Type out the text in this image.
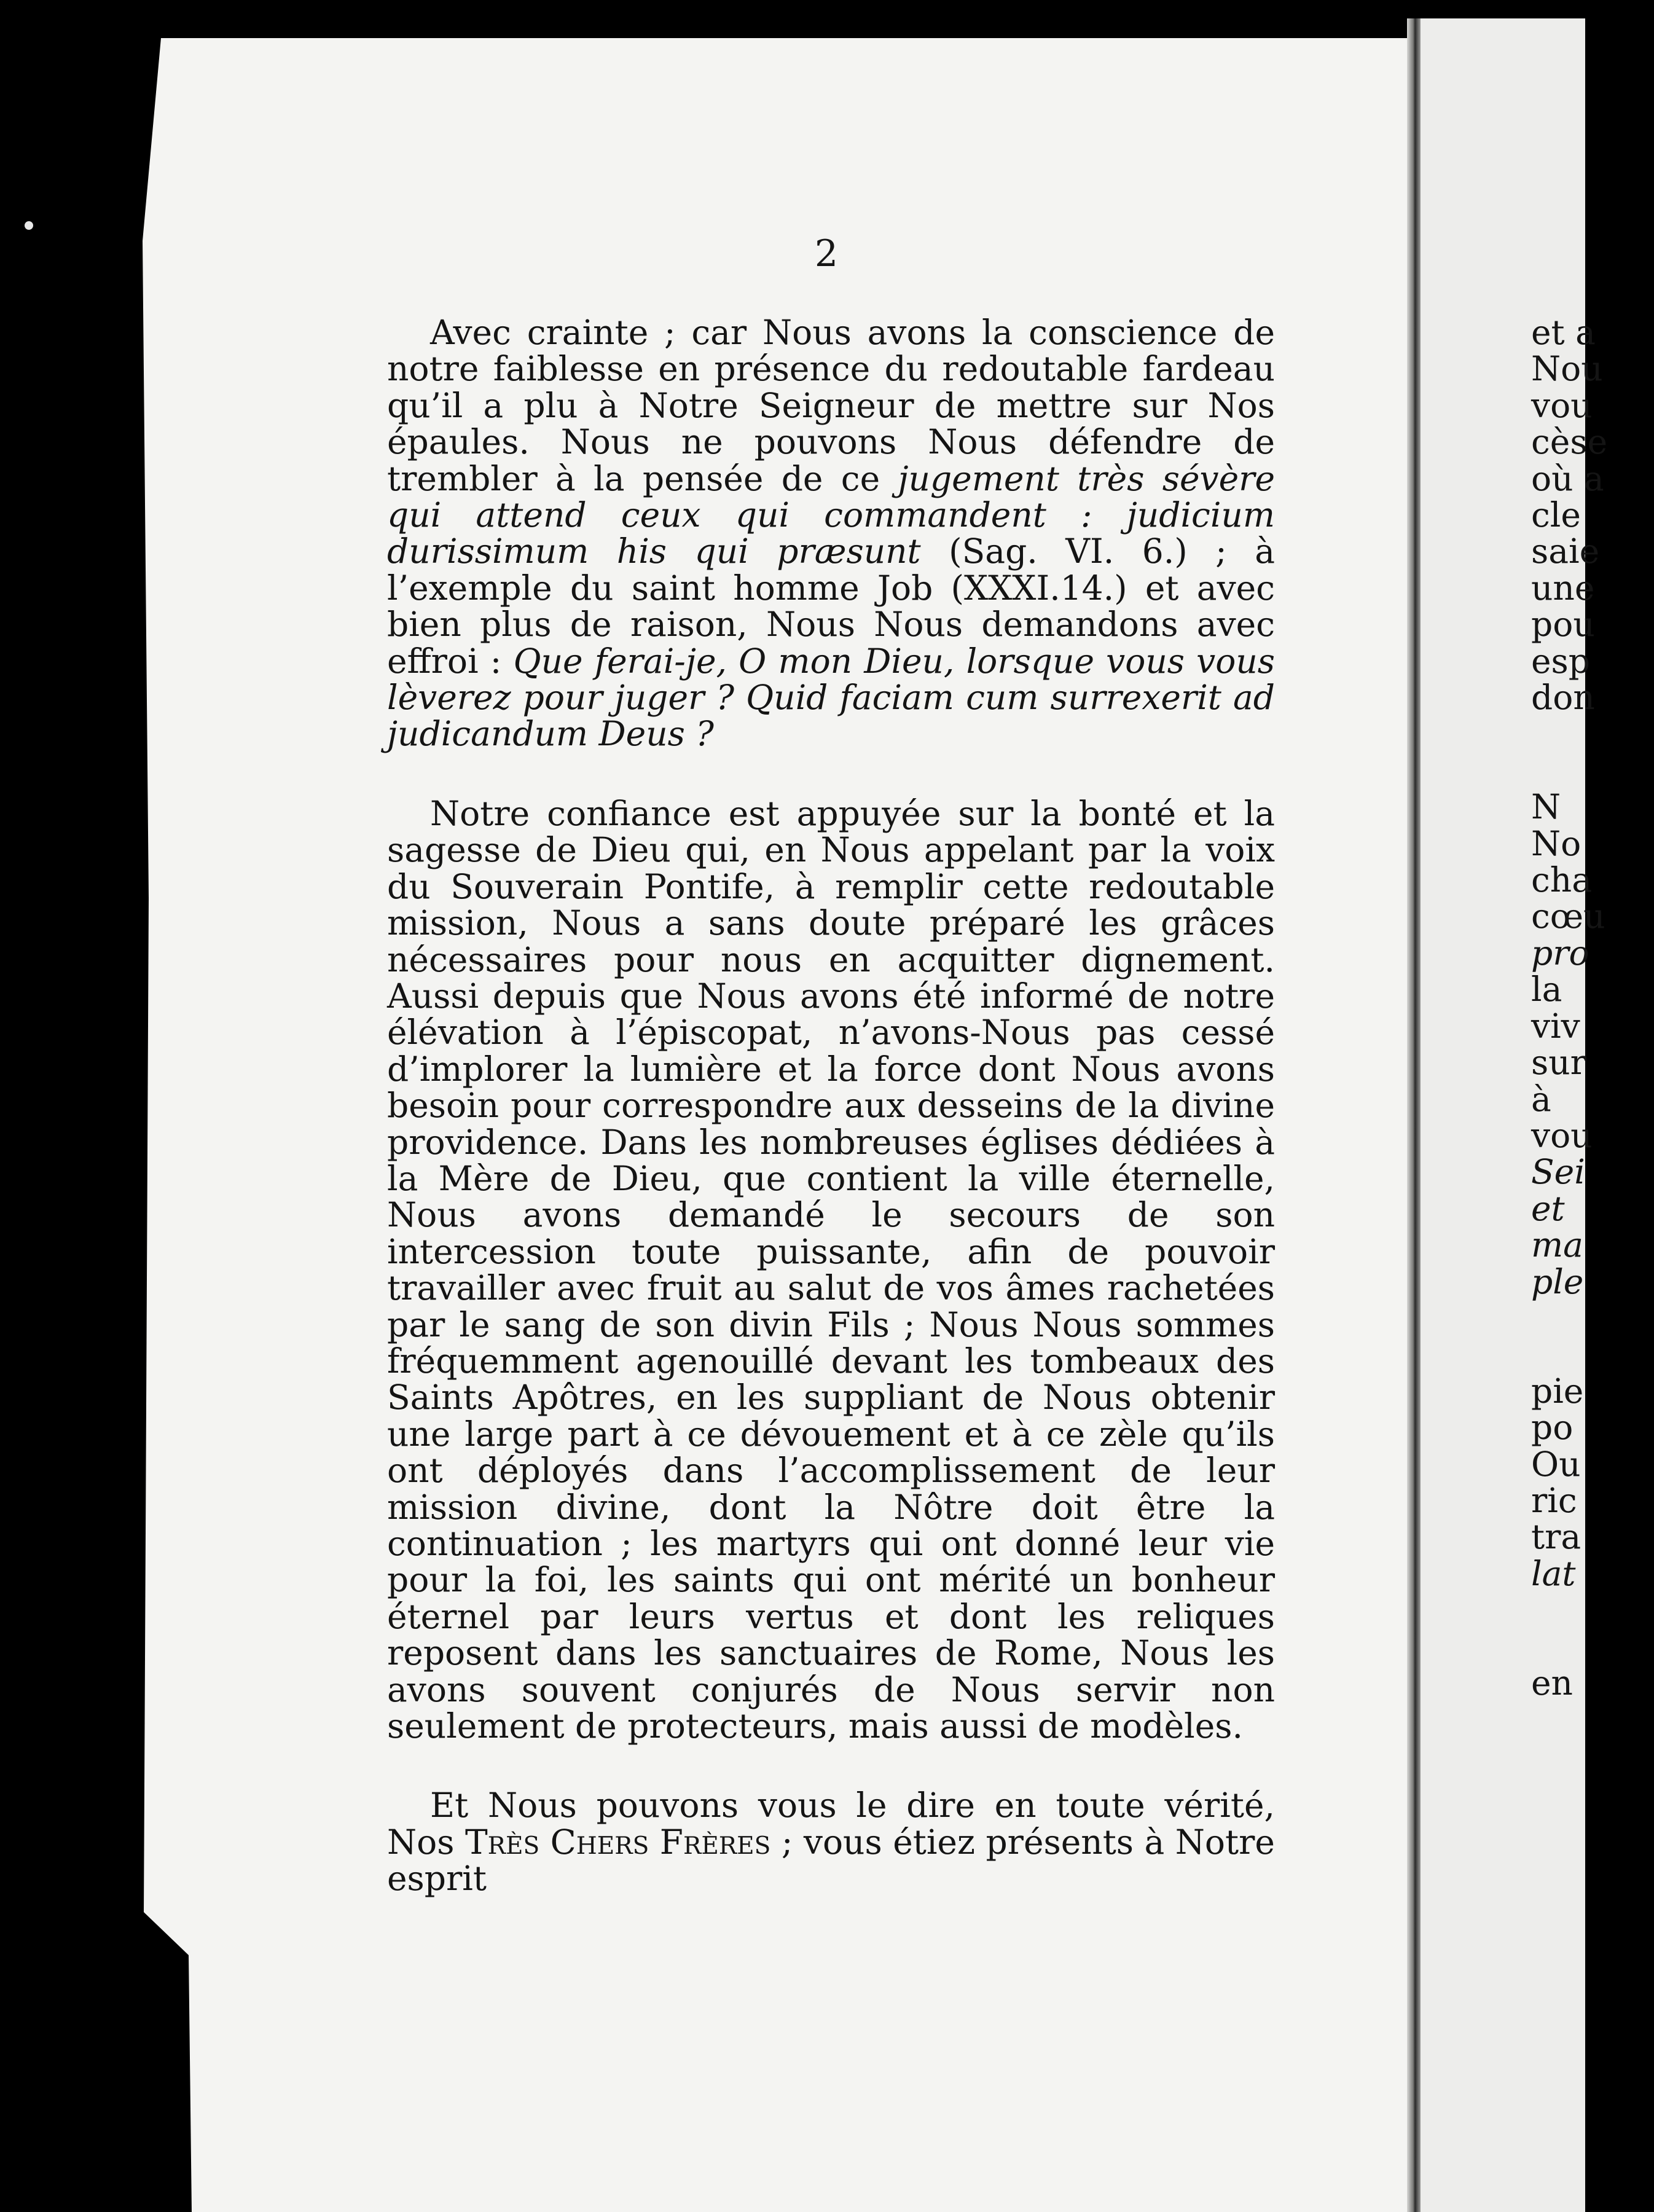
2

Avec crainte ; car Nous avons la conscience de notre faiblesse en présence du redoutable fardeau qu’il a plu à Notre Seigneur de mettre sur Nos épaules. Nous ne pouvons Nous défendre de trembler à la pensée de ce jugement très sévère qui attend ceux qui commandent : judicium durissimum his qui præsunt (Sag. VI. 6.) ; à l’exemple du saint homme Job (XXXI.14.) et avec bien plus de raison, Nous Nous demandons avec effroi : Que ferai-je, O mon Dieu, lorsque vous vous lèverez pour juger ? Quid faciam cum surrexerit ad judicandum Deus ?

Notre confiance est appuyée sur la bonté et la sagesse de Dieu qui, en Nous appelant par la voix du Souverain Pontife, à remplir cette redoutable mission, Nous a sans doute préparé les grâces nécessaires pour nous en acquitter dignement. Aussi depuis que Nous avons été informé de notre élévation à l’épiscopat, n’avons-Nous pas cessé d’implorer la lumière et la force dont Nous avons besoin pour correspondre aux desseins de la divine providence. Dans les nombreuses églises dédiées à la Mère de Dieu, que contient la ville éternelle, Nous avons demandé le secours de son intercession toute puissante, afin de pouvoir travailler avec fruit au salut de vos âmes rachetées par le sang de son divin Fils ; Nous Nous sommes fréquemment agenouillé devant les tombeaux des Saints Apôtres, en les suppliant de Nous obtenir une large part à ce dévouement et à ce zèle qu’ils ont déployés dans l’accomplissement de leur mission divine, dont la Nôtre doit être la continuation ; les martyrs qui ont donné leur vie pour la foi, les saints qui ont mérité un bonheur éternel par leurs vertus et dont les reliques reposent dans les sanctuaires de Rome, Nous les avons souvent conjurés de Nous servir non seulement de protecteurs, mais aussi de modèles.

Et Nous pouvons vous le dire en toute vérité, Nos Très Chers Frères ; vous étiez présents à Notre esprit

et a
Nou
vou
cèse
où a
cle
saie
une
pou
esp
don
N
No
cha
cœu
pro
la
viv
sur
à
vou
Sei
et
ma
ple
pie
po
Ou
ric
tra
lat
en
